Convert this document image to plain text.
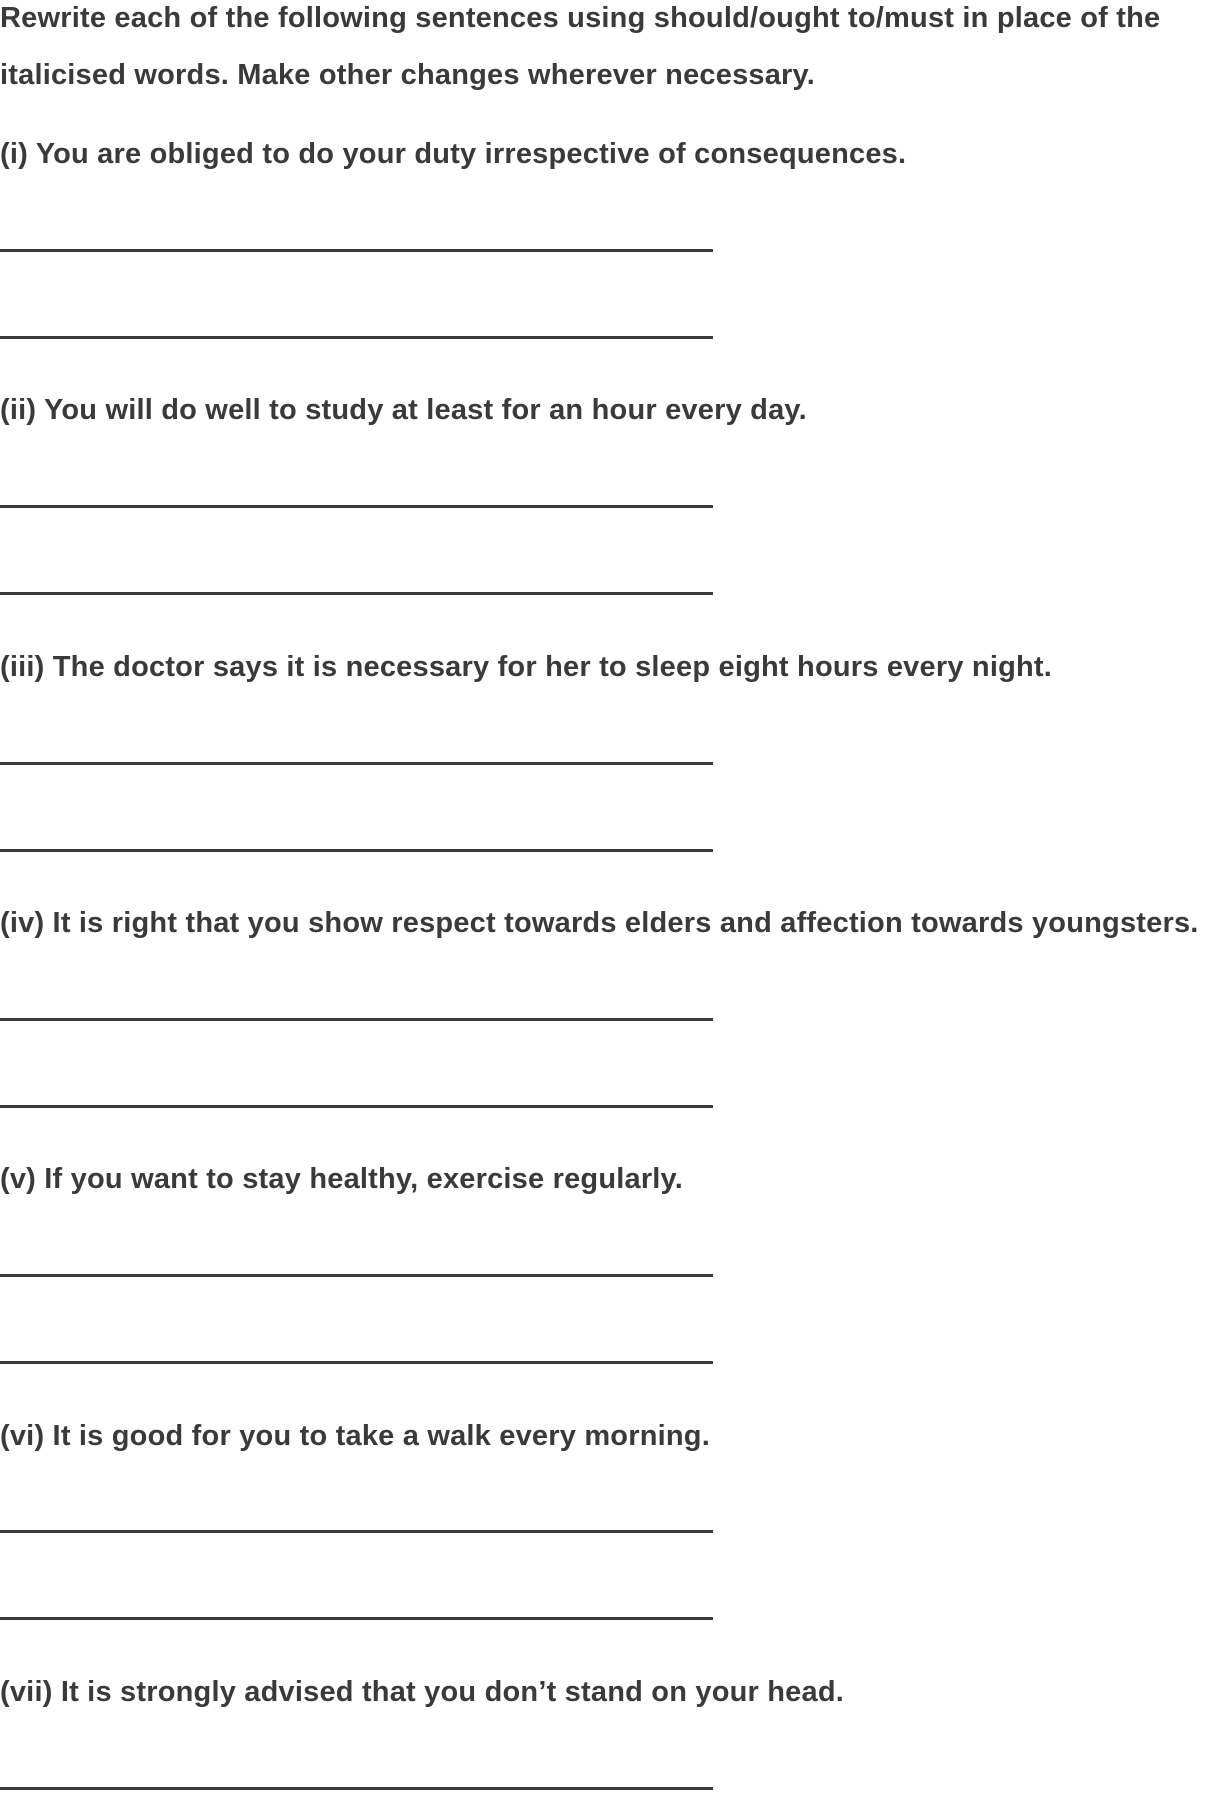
Rewrite each of the following sentences using should/ought to/must in place of the italicised words. Make other changes wherever necessary.

(i) You are obliged to do your duty irrespective of consequences.

(ii) You will do well to study at least for an hour every day.

(iii) The doctor says it is necessary for her to sleep eight hours every night.

(iv) It is right that you show respect towards elders and affection towards youngsters.

(v) If you want to stay healthy, exercise regularly.

(vi) It is good for you to take a walk every morning.

(vii) It is strongly advised that you don’t stand on your head.
